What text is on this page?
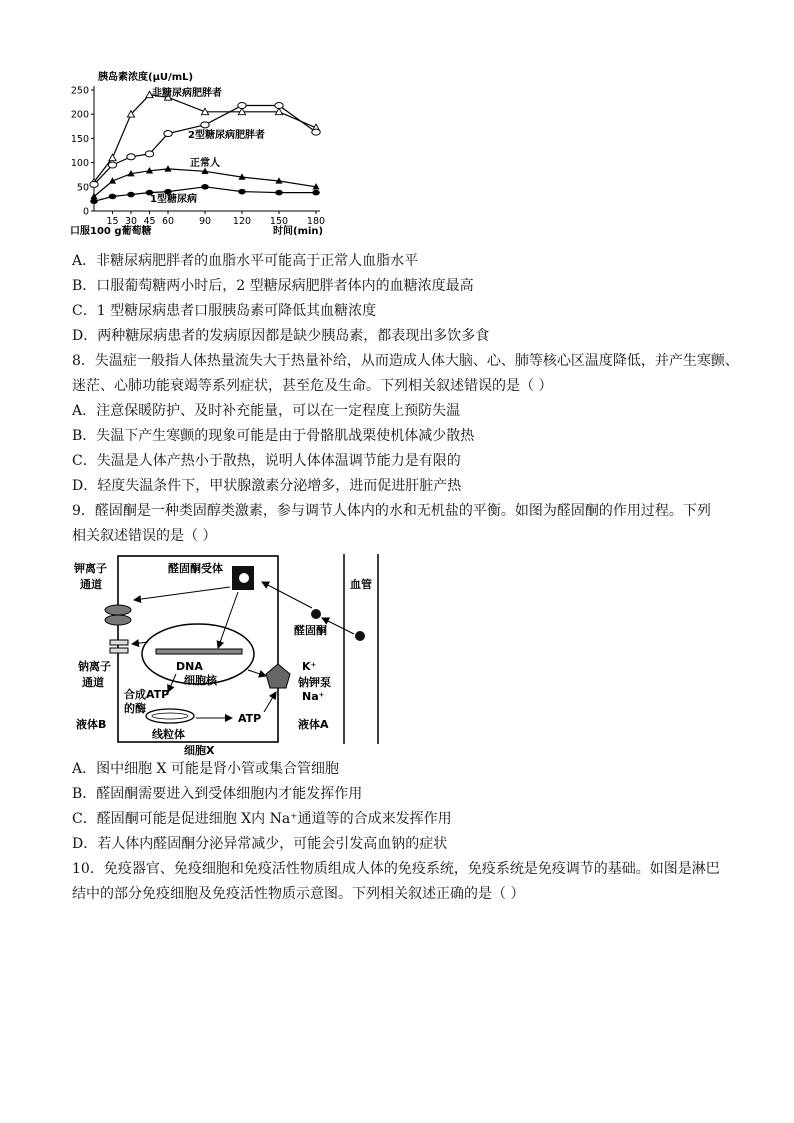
胰岛素浓度(μU/mL)
0
50
100
150
200
250
15 30 45 60	90 120 150 180
非糖尿病肥胖者
2型糖尿病肥胖者
正常人
1型糖尿病
口服100 g葡萄糖	时间(min)
A．非糖尿病肥胖者的血脂水平可能高于正常人血脂水平
B．口服葡萄糖两小时后，2 型糖尿病肥胖者体内的血糖浓度最高
C．1 型糖尿病患者口服胰岛素可降低其血糖浓度
D．两种糖尿病患者的发病原因都是缺少胰岛素，都表现出多饮多食
8．失温症一般指人体热量流失大于热量补给，从而造成人体大脑、心、肺等核心区温度降低，并产生寒颤、
迷茫、心肺功能衰竭等系列症状，甚至危及生命。下列相关叙述错误的是（ ）
A．注意保暖防护、及时补充能量，可以在一定程度上预防失温
B．失温下产生寒颤的现象可能是由于骨骼肌战栗使机体减少散热
C．失温是人体产热小于散热，说明人体体温调节能力是有限的
D．轻度失温条件下，甲状腺激素分泌增多，进而促进肝脏产热
9．醛固酮是一种类固醇类激素，参与调节人体内的水和无机盐的平衡。如图为醛固酮的作用过程。下列
相关叙述错误的是（ ）
血管
钾离子
通道
钠离子
通道
醛固酮受体
醛固酮
DNA
细胞核
K⁺
钠钾泵
Na⁺
线粒体
合成ATP
的酶
ATP
液体B	液体A
细胞X
A．图中细胞 X 可能是肾小管或集合管细胞
B．醛固酮需要进入到受体细胞内才能发挥作用
C．醛固酮可能是促进细胞 X内 Na⁺通道等的合成来发挥作用
D．若人体内醛固酮分泌异常减少，可能会引发高血钠的症状
10．免疫器官、免疫细胞和免疫活性物质组成人体的免疫系统，免疫系统是免疫调节的基础。如图是淋巴
结中的部分免疫细胞及免疫活性物质示意图。下列相关叙述正确的是（ ）
